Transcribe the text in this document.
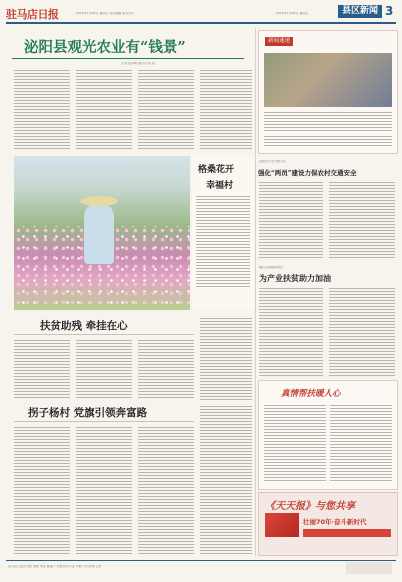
驻马店日报	2019年7月26日 星期五 责任编辑 版式设计	2019年7月26日 星期五	县区新闻 3
泌阳县观光农业有“钱景”
记者 张华峰 通讯员 陈 阳
新闻速递
格桑花开
幸福村
泌阳县公安交警大队
强化“两员”建设力保农村交通安全
确山县财保险附近
为产业扶贫助力加油
扶贫助残 牵挂在心
拐子杨村 党旗引领奔富路
真情帮扶暖人心
《天天报》与您共享
壮丽70年·奋斗新时代
驻马店日报社出版 地址 电话 邮编 广告经营许可证 印刷 今日新闻 定价
